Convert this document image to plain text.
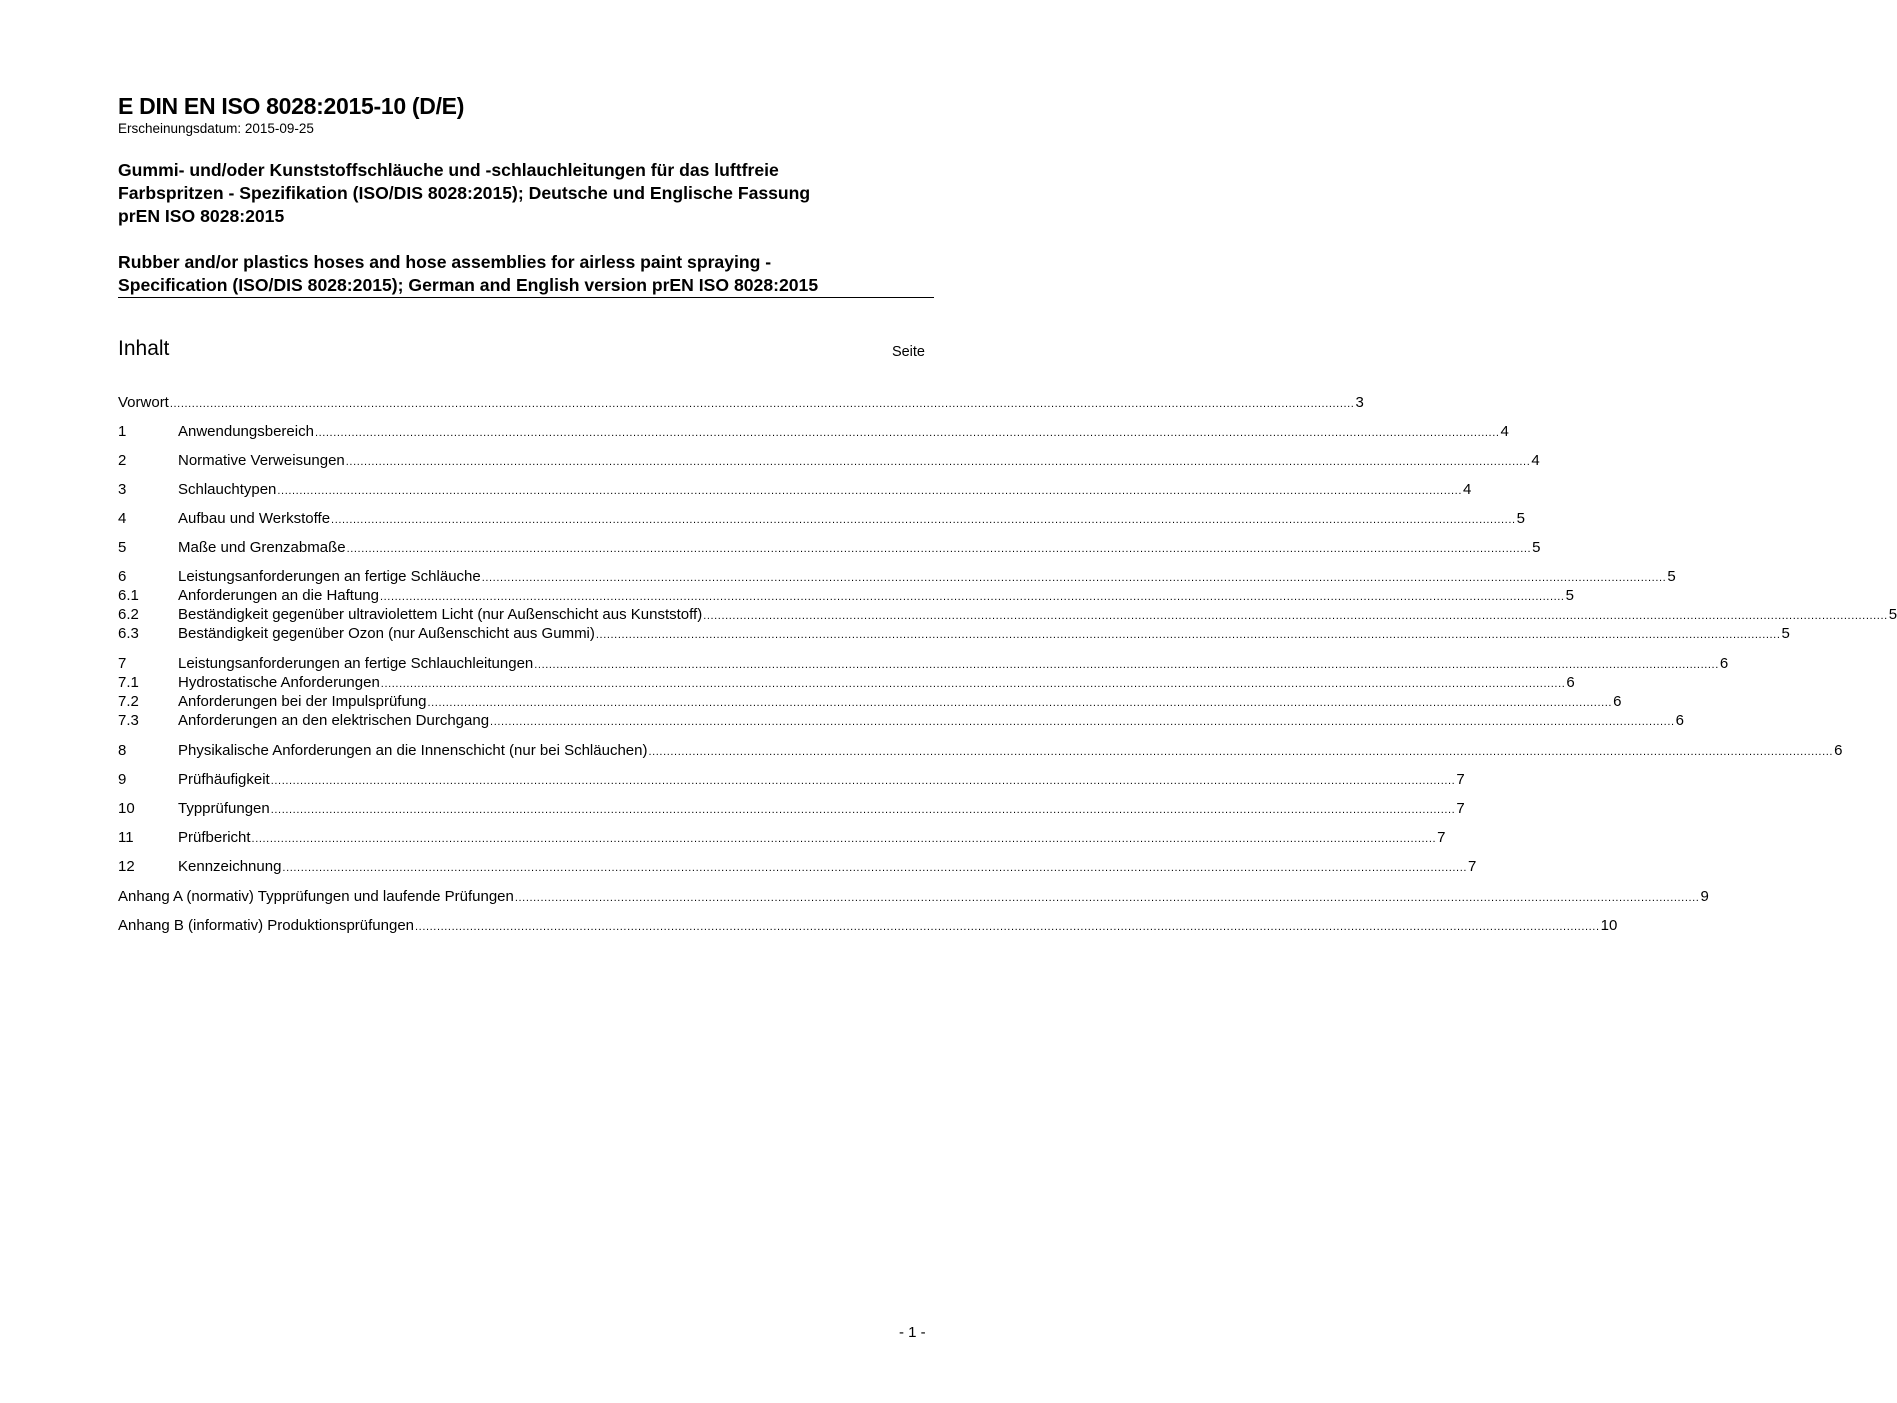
E DIN EN ISO 8028:2015-10 (D/E)
Erscheinungsdatum: 2015-09-25
Gummi- und/oder Kunststoffschläuche und -schlauchleitungen für das luftfreie
Farbspritzen - Spezifikation (ISO/DIS 8028:2015); Deutsche und Englische Fassung
prEN ISO 8028:2015
Rubber and/or plastics hoses and hose assemblies for airless paint spraying -
Specification (ISO/DIS 8028:2015); German and English version prEN ISO 8028:2015
Inhalt	Seite
Vorwort .....	3
1	Anwendungsbereich .....	4
2	Normative Verweisungen .....	4
3	Schlauchtypen .....	4
4	Aufbau und Werkstoffe .....	5
5	Maße und Grenzabmaße .....	5
6	Leistungsanforderungen an fertige Schläuche .....	5
6.1	Anforderungen an die Haftung .....	5
6.2	Beständigkeit gegenüber ultraviolettem Licht (nur Außenschicht aus Kunststoff) .....	5
6.3	Beständigkeit gegenüber Ozon (nur Außenschicht aus Gummi) .....	5
7	Leistungsanforderungen an fertige Schlauchleitungen .....	6
7.1	Hydrostatische Anforderungen .....	6
7.2	Anforderungen bei der Impulsprüfung .....	6
7.3	Anforderungen an den elektrischen Durchgang .....	6
8	Physikalische Anforderungen an die Innenschicht (nur bei Schläuchen) .....	6
9	Prüfhäufigkeit .....	7
10	Typprüfungen .....	7
11	Prüfbericht .....	7
12	Kennzeichnung .....	7
Anhang A (normativ) Typprüfungen und laufende Prüfungen .....	9
Anhang B (informativ) Produktionsprüfungen .....	10
- 1 -
